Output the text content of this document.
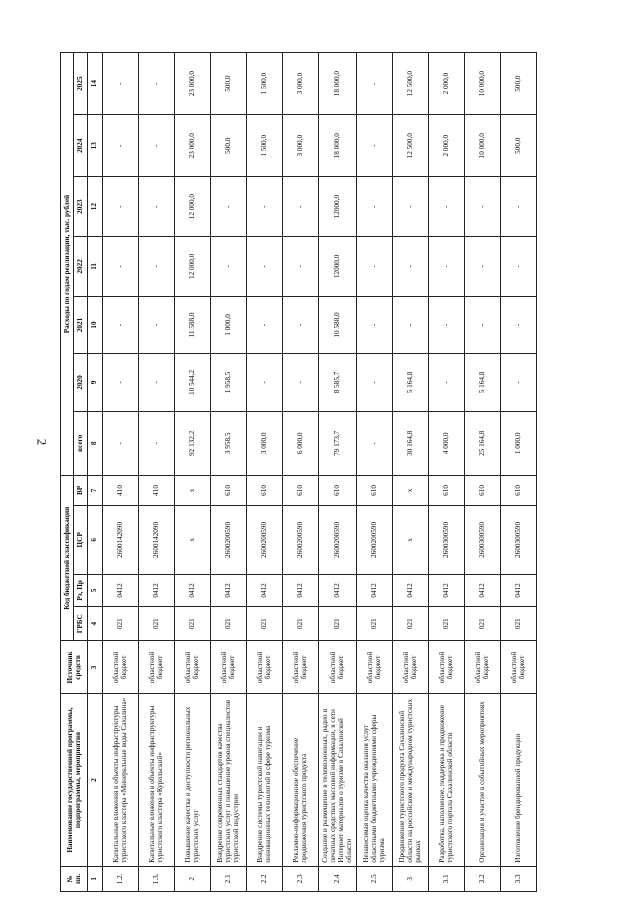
2
№ пп.	Наименование государственной программы, подпрограммы, мероприятия	Источник средств	Код бюджетной классификации				Расходы по годам реализации, тыс. рублей						
			ГРБС	Рз, Пр	ЦСР	ВР	всего	2020	2021	2022	2023	2024	2025
1	2	3	4	5	6	7	8	9	10	11	12	13	14
1.2.	Капитальные вложения в объекты инфраструктуры туристского кластера «Минеральные воды Сахалина»	областной бюджет	021	0412	2600142090	410	-	-	-	-	-	-	-
1.3.	Капитальные вложения в объекты инфраструктуры туристского кластера «Курильский»	областной бюджет	021	0412	2600142090	410	-	-	-	-	-	-	-
2	Повышение качества и доступности региональных туристских услуг	областной бюджет	021	0412	x	x	92 132,2	10 544,2	11 588,0	12 000,0	12 000,0	23 000,0	23 000,0
2.1	Внедрение современных стандартов качества туристских услуг и повышение уровня специалистов туристской индустрии	областной бюджет	021	0412	2600200590	610	3 958,5	1 958,5	1 000,0	-	-	500,0	500,0
2.2	Внедрение системы туристской навигации и инновационных технологий в сфере туризма	областной бюджет	021	0412	2600200590	610	3 000,0	-	-	-	-	1 500,0	1 500,0
2.3	Рекламно-информационное обеспечение продвижения туристского продукта	областной бюджет	021	0412	2600200590	610	6 000,0	-	-	-	-	3 000,0	3 000,0
2.4	Создание и размещение в телевизионных, радио и печатных средствах массовой информации, в сети Интернет материалов о туризме в Сахалинской области	областной бюджет	021	0412	2600200590	610	79 173,7	8 585,7	10 588,0	12000,0	12000,0	18 000,0	18 000,0
2.5	Независимая оценка качества оказания услуг областными бюджетными учреждениями сферы туризма	областной бюджет	021	0412	2600200590	610	-	-	-	-	-	-	-
3	Продвижение туристского продукта Сахалинской области на российском и международном туристских рынках	областной бюджет	021	0412	x	x	30 164,8	5 164,8	-	-	-	12 500,0	12 500,0
3.1	Разработка, наполнение, поддержка и продвижение туристского портала Сахалинской области	областной бюджет	021	0412	2600300590	610	4 000,0	-	-	-	-	2 000,0	2 000,0
3.2	Организация и участие в событийных мероприятиях	областной бюджет	021	0412	2600300590	610	25 164,8	5 164,8	-	-	-	10 000,0	10 000,0
3.3	Изготовление брендированной продукции	областной бюджет	021	0412	2600300590	610	1 000,0	-	-	-	-	500,0	500,0
